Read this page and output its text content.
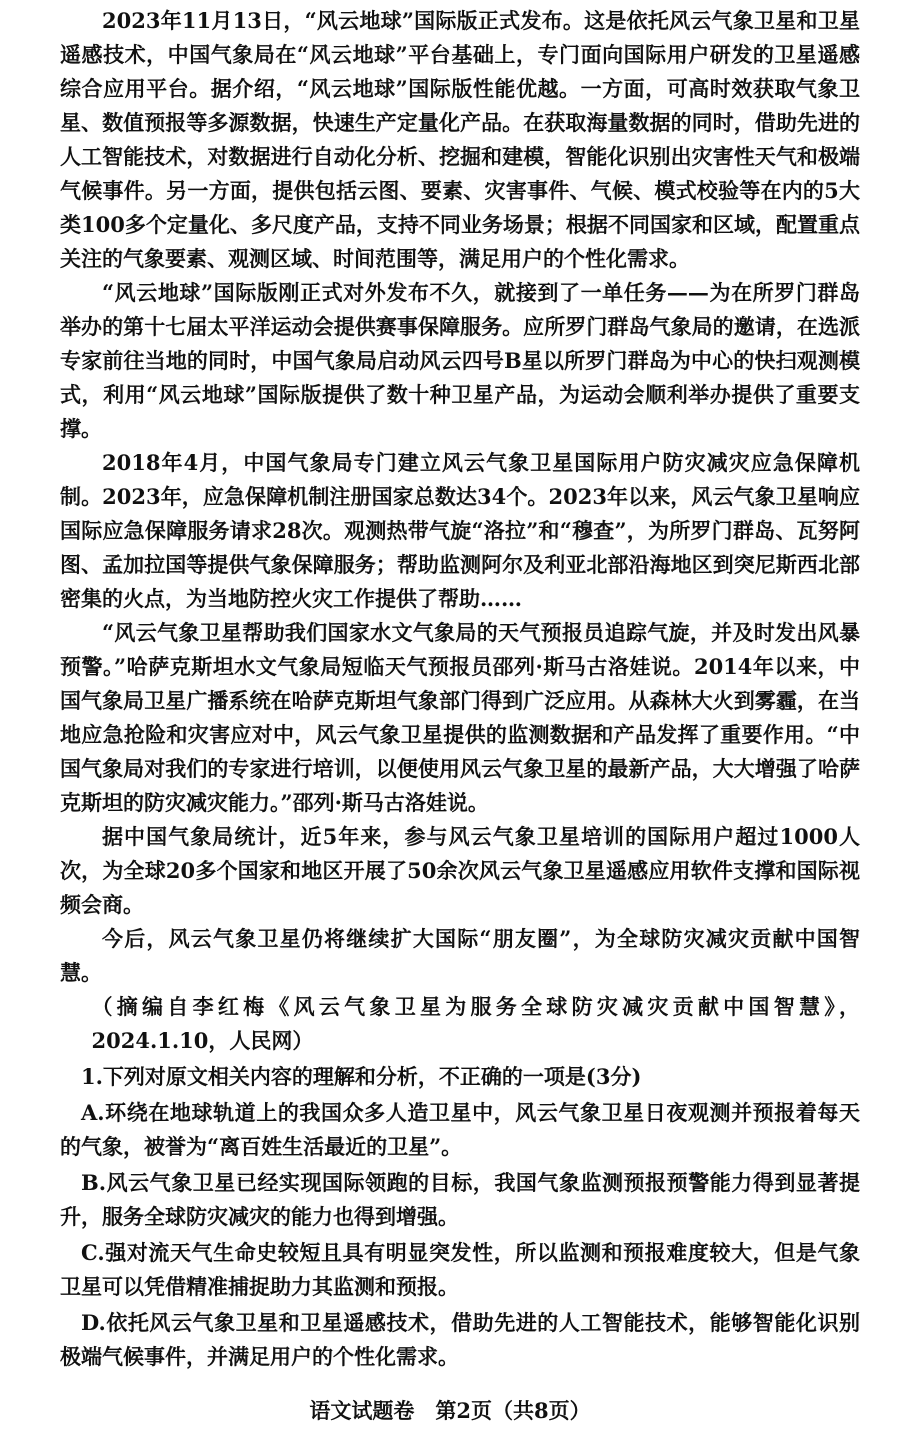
2023年11月13日，“风云地球”国际版正式发布。这是依托风云气象卫星和卫星遥感技术，中国气象局在“风云地球”平台基础上，专门面向国际用户研发的卫星遥感综合应用平台。据介绍，“风云地球”国际版性能优越。一方面，可高时效获取气象卫星、数值预报等多源数据，快速生产定量化产品。在获取海量数据的同时，借助先进的人工智能技术，对数据进行自动化分析、挖掘和建模，智能化识别出灾害性天气和极端气候事件。另一方面，提供包括云图、要素、灾害事件、气候、模式校验等在内的5大类100多个定量化、多尺度产品，支持不同业务场景；根据不同国家和区域，配置重点关注的气象要素、观测区域、时间范围等，满足用户的个性化需求。

“风云地球”国际版刚正式对外发布不久，就接到了一单任务——为在所罗门群岛举办的第十七届太平洋运动会提供赛事保障服务。应所罗门群岛气象局的邀请，在选派专家前往当地的同时，中国气象局启动风云四号B星以所罗门群岛为中心的快扫观测模式，利用“风云地球”国际版提供了数十种卫星产品，为运动会顺利举办提供了重要支撑。

2018年4月，中国气象局专门建立风云气象卫星国际用户防灾减灾应急保障机制。2023年，应急保障机制注册国家总数达34个。2023年以来，风云气象卫星响应国际应急保障服务请求28次。观测热带气旋“洛拉”和“穆查”，为所罗门群岛、瓦努阿图、孟加拉国等提供气象保障服务；帮助监测阿尔及利亚北部沿海地区到突尼斯西北部密集的火点，为当地防控火灾工作提供了帮助……

“风云气象卫星帮助我们国家水文气象局的天气预报员追踪气旋，并及时发出风暴预警。”哈萨克斯坦水文气象局短临天气预报员邵列·斯马古洛娃说。2014年以来，中国气象局卫星广播系统在哈萨克斯坦气象部门得到广泛应用。从森林大火到雾霾，在当地应急抢险和灾害应对中，风云气象卫星提供的监测数据和产品发挥了重要作用。“中国气象局对我们的专家进行培训，以便使用风云气象卫星的最新产品，大大增强了哈萨克斯坦的防灾减灾能力。”邵列·斯马古洛娃说。

据中国气象局统计，近5年来，参与风云气象卫星培训的国际用户超过1000人次，为全球20多个国家和地区开展了50余次风云气象卫星遥感应用软件支撑和国际视频会商。

今后，风云气象卫星仍将继续扩大国际“朋友圈”，为全球防灾减灾贡献中国智慧。

（摘编自李红梅《风云气象卫星为服务全球防灾减灾贡献中国智慧》，2024.1.10，人民网）

1.下列对原文相关内容的理解和分析，不正确的一项是(3分)

A.环绕在地球轨道上的我国众多人造卫星中，风云气象卫星日夜观测并预报着每天的气象，被誉为“离百姓生活最近的卫星”。

B.风云气象卫星已经实现国际领跑的目标，我国气象监测预报预警能力得到显著提升，服务全球防灾减灾的能力也得到增强。

C.强对流天气生命史较短且具有明显突发性，所以监测和预报难度较大，但是气象卫星可以凭借精准捕捉助力其监测和预报。

D.依托风云气象卫星和卫星遥感技术，借助先进的人工智能技术，能够智能化识别极端气候事件，并满足用户的个性化需求。

语文试题卷　第2页（共8页）
